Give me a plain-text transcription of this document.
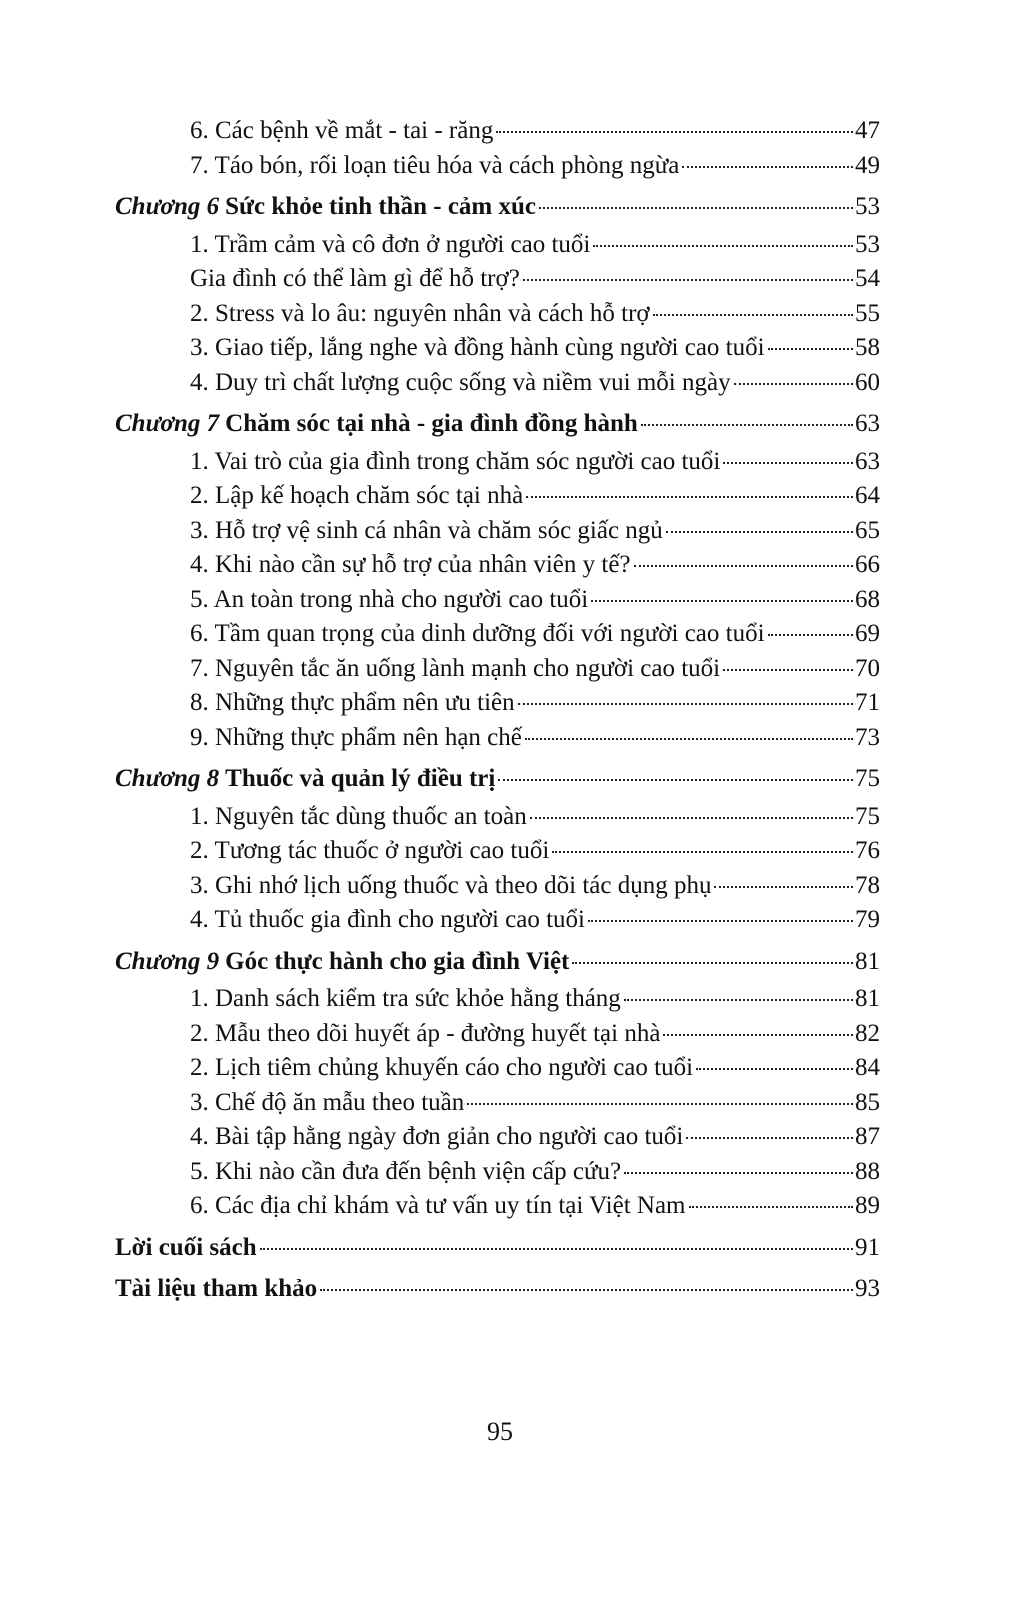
6. Các bệnh về mắt - tai - răng	47
7. Táo bón, rối loạn tiêu hóa và cách phòng ngừa	49
Chương 6 Sức khỏe tinh thần - cảm xúc	53
1. Trầm cảm và cô đơn ở người cao tuổi	53
Gia đình có thể làm gì để hỗ trợ?	54
2. Stress và lo âu: nguyên nhân và cách hỗ trợ	55
3. Giao tiếp, lắng nghe và đồng hành cùng người cao tuổi	58
4. Duy trì chất lượng cuộc sống và niềm vui mỗi ngày	60
Chương 7 Chăm sóc tại nhà - gia đình đồng hành	63
1. Vai trò của gia đình trong chăm sóc người cao tuổi	63
2. Lập kế hoạch chăm sóc tại nhà	64
3. Hỗ trợ vệ sinh cá nhân và chăm sóc giấc ngủ	65
4. Khi nào cần sự hỗ trợ của nhân viên y tế?	66
5. An toàn trong nhà cho người cao tuổi	68
6. Tầm quan trọng của dinh dưỡng đối với người cao tuổi	69
7. Nguyên tắc ăn uống lành mạnh cho người cao tuổi	70
8. Những thực phẩm nên ưu tiên	71
9. Những thực phẩm nên hạn chế	73
Chương 8 Thuốc và quản lý điều trị	75
1. Nguyên tắc dùng thuốc an toàn	75
2. Tương tác thuốc ở người cao tuổi	76
3. Ghi nhớ lịch uống thuốc và theo dõi tác dụng phụ	78
4. Tủ thuốc gia đình cho người cao tuổi	79
Chương 9 Góc thực hành cho gia đình Việt	81
1. Danh sách kiểm tra sức khỏe hằng tháng	81
2. Mẫu theo dõi huyết áp - đường huyết tại nhà	82
2. Lịch tiêm chủng khuyến cáo cho người cao tuổi	84
3. Chế độ ăn mẫu theo tuần	85
4. Bài tập hằng ngày đơn giản cho người cao tuổi	87
5. Khi nào cần đưa đến bệnh viện cấp cứu?	88
6. Các địa chỉ khám và tư vấn uy tín tại Việt Nam	89
Lời cuối sách	91
Tài liệu tham khảo	93
95
